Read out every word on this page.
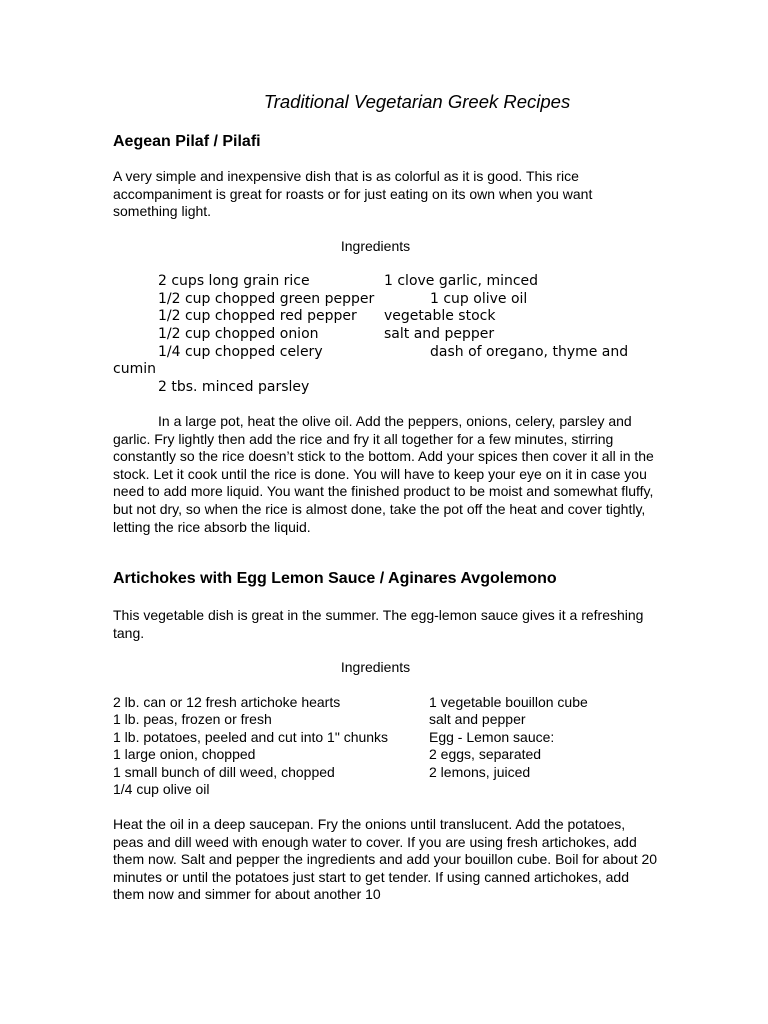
Traditional Vegetarian Greek Recipes
Aegean Pilaf / Pilafi

A very simple and inexpensive dish that is as colorful as it is good. This rice accompaniment is great for roasts or for just eating on its own when you want something light.

Ingredients

2 cups long grain rice
1/2 cup chopped green pepper
1/2 cup chopped red pepper
1/2 cup chopped onion
1/4 cup chopped celery
2 tbs. minced parsley
1 clove garlic, minced
1 cup olive oil
vegetable stock
salt and pepper
dash of oregano, thyme and
cumin

In a large pot, heat the olive oil. Add the peppers, onions, celery, parsley and garlic. Fry lightly then add the rice and fry it all together for a few minutes, stirring constantly so the rice doesn’t stick to the bottom. Add your spices then cover it all in the stock. Let it cook until the rice is done. You will have to keep your eye on it in case you need to add more liquid. You want the finished product to be moist and somewhat fluffy, but not dry, so when the rice is almost done, take the pot off the heat and cover tightly, letting the rice absorb the liquid.

Artichokes with Egg Lemon Sauce / Aginares Avgolemono

This vegetable dish is great in the summer. The egg-lemon sauce gives it a refreshing tang.

Ingredients

2 lb. can or 12 fresh artichoke hearts
1 lb. peas, frozen or fresh
1 lb. potatoes, peeled and cut into 1" chunks
1 large onion, chopped
1 small bunch of dill weed, chopped
1/4 cup olive oil
1 vegetable bouillon cube
salt and pepper
Egg - Lemon sauce:
2 eggs, separated
2 lemons, juiced

Heat the oil in a deep saucepan. Fry the onions until translucent. Add the potatoes, peas and dill weed with enough water to cover. If you are using fresh artichokes, add them now. Salt and pepper the ingredients and add your bouillon cube. Boil for about 20 minutes or until the potatoes just start to get tender. If using canned artichokes, add them now and simmer for about another 10
